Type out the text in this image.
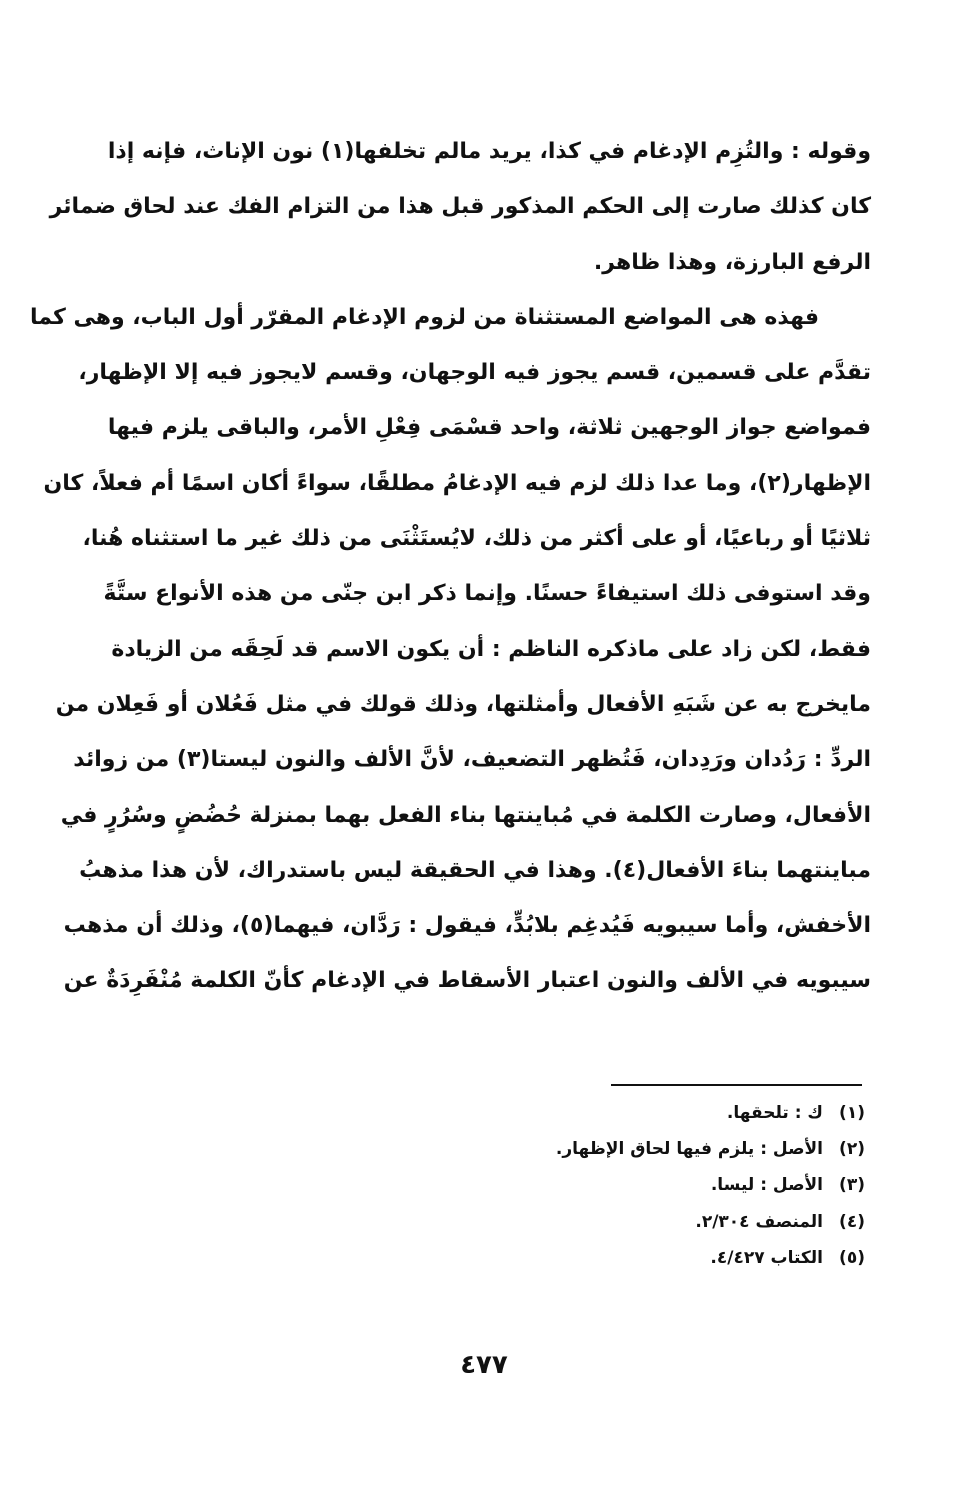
وقوله : والتُزِم الإدغام في كذا، يريد مالم تخلفها(١) نون الإناث، فإنه إذا
كان كذلك صارت إلى الحكم المذكور قبل هذا من التزام الفك عند لحاق ضمائر
الرفع البارزة، وهذا ظاهر.
فهذه هى المواضع المستثناة من لزوم الإدغام المقرّر أول الباب، وهى كما
تقدَّم على قسمين، قسم يجوز فيه الوجهان، وقسم لايجوز فيه إلا الإظهار،
فمواضع جواز الوجهين ثلاثة، واحد قسْمَى فِعْلِ الأمر، والباقى يلزم فيها
الإظهار(٢)، وما عدا ذلك لزم فيه الإدغامُ مطلقًا، سواءً أكان اسمًا أم فعلاً، كان
ثلاثيًا أو رباعيًا، أو على أكثر من ذلك، لايُستَثْنَى من ذلك غير ما استثناه هُنا،
وقد استوفى ذلك استيفاءً حسنًا. وإنما ذكر ابن جنّى من هذه الأنواع ستَّةً
فقط، لكن زاد على ماذكره الناظم : أن يكون الاسم قد لَحِقَه من الزيادة
مايخرج به عن شَبَهِ الأفعال وأمثلتها، وذلك قولك في مثل فَعُلان أو فَعِلان من
الردِّ : رَدُدان ورَدِدان، فَتُظهر التضعيف، لأنَّ الألف والنون ليستا(٣) من زوائد
الأفعال، وصارت الكلمة في مُباينتها بناء الفعل بهما بمنزلة حُضُضٍ وسُرُرٍ في
مباينتهما بناءَ الأفعال(٤). وهذا في الحقيقة ليس باستدراك، لأن هذا مذهبُ
الأخفش، وأما سيبويه فَيُدغِم بلابُدٍّ، فيقول : رَدَّان، فيهما(٥)، وذلك أن مذهب
سيبويه في الألف والنون اعتبار الأسقاط في الإدغام كأنّ الكلمة مُنْفَرِدَةٌ عن
(١)ك : تلحقها.
(٢)الأصل : يلزم فيها لحاق الإظهار.
(٣)الأصل : ليسا.
(٤)المنصف ٢/٣٠٤.
(٥)الكتاب ٤/٤٢٧.
٤٧٧
